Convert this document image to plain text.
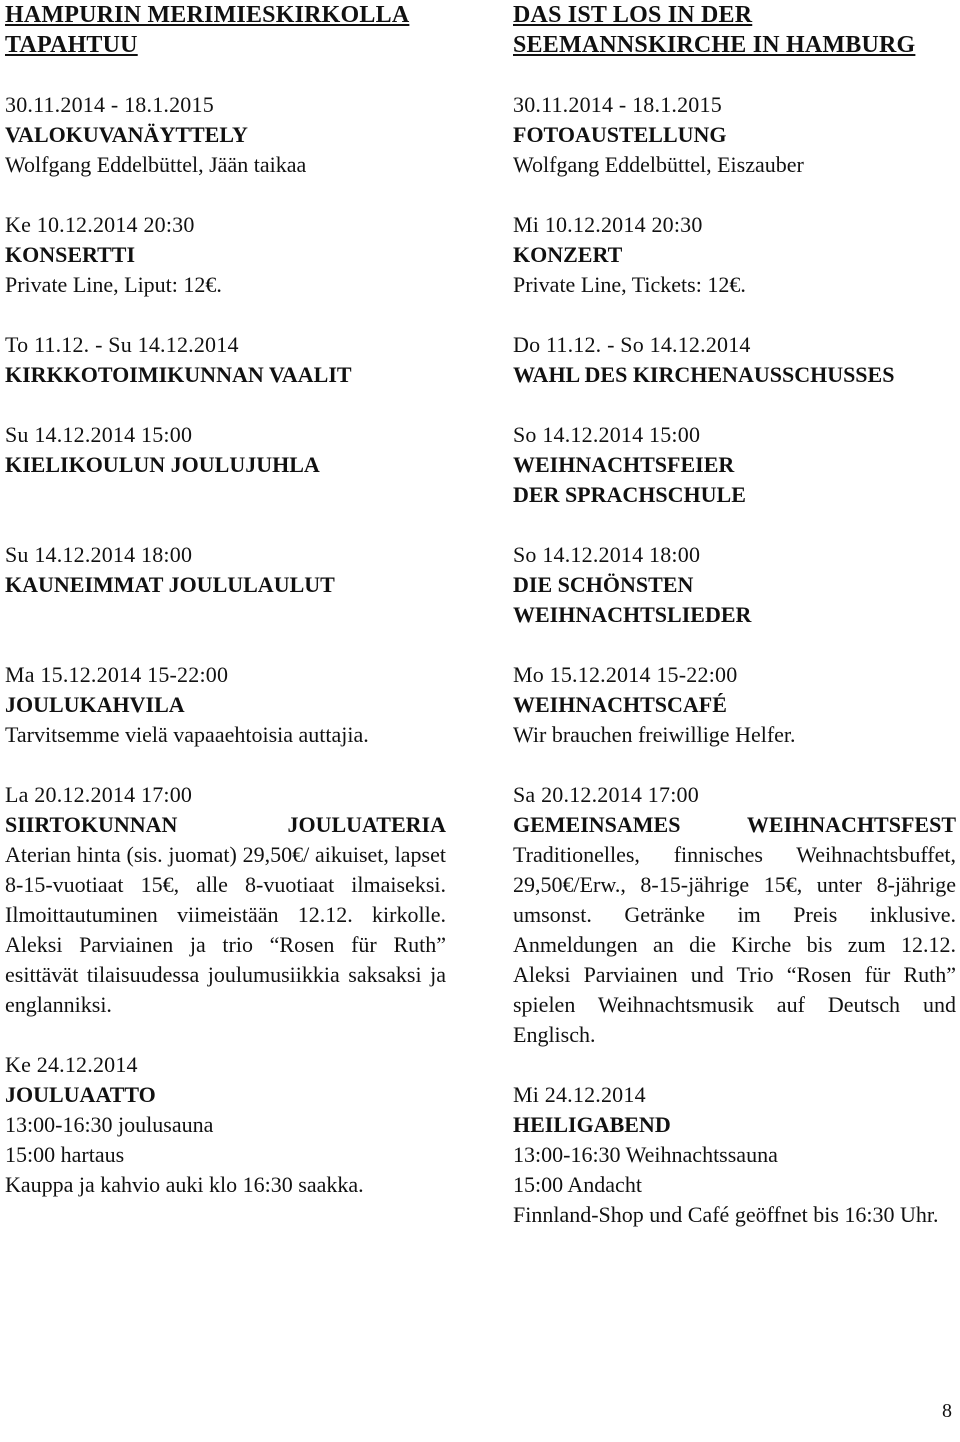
HAMPURIN MERIMIESKIRKOLLA
TAPAHTUU
30.11.2014 - 18.1.2015
VALOKUVANÄYTTELY
Wolfgang Eddelbüttel, Jään taikaa
Ke 10.12.2014 20:30
KONSERTTI
Private Line, Liput: 12€.
To 11.12. - Su 14.12.2014
KIRKKOTOIMIKUNNAN VAALIT
Su 14.12.2014 15:00
KIELIKOULUN JOULUJUHLA

Su 14.12.2014 18:00
KAUNEIMMAT JOULULAULUT

Ma 15.12.2014 15-22:00
JOULUKAHVILA
Tarvitsemme vielä vapaaehtoisia auttajia.
La 20.12.2014 17:00
SIIRTOKUNNAN JOULUATERIA
Aterian hinta (sis. juomat) 29,50€/ aikuiset, lapset 8-15-vuotiaat 15€, alle 8-vuotiaat ilmaiseksi. Ilmoittautuminen viimeistään 12.12. kirkolle. Aleksi Parviainen ja trio “Rosen für Ruth” esittävät tilaisuudessa joulumusiikkia saksaksi ja englanniksi.
Ke 24.12.2014
JOULUAATTO
13:00-16:30 joulusauna
15:00 hartaus
Kauppa ja kahvio auki klo 16:30 saakka.
DAS IST LOS IN DER
SEEMANNSKIRCHE IN HAMBURG
30.11.2014 - 18.1.2015
FOTOAUSTELLUNG
Wolfgang Eddelbüttel, Eiszauber
Mi 10.12.2014 20:30
KONZERT
Private Line, Tickets: 12€.
Do 11.12. - So 14.12.2014
WAHL DES KIRCHENAUSSCHUSSES
So 14.12.2014 15:00
WEIHNACHTSFEIER
DER SPRACHSCHULE
So 14.12.2014 18:00
DIE SCHÖNSTEN
WEIHNACHTSLIEDER
Mo 15.12.2014 15-22:00
WEIHNACHTSCAFÉ
Wir brauchen freiwillige Helfer.
Sa 20.12.2014 17:00
GEMEINSAMES WEIHNACHTSFEST
Traditionelles, finnisches Weihnachtsbuffet, 29,50€/Erw., 8-15-jährige 15€, unter 8-jährige umsonst. Getränke im Preis inklusive. Anmeldungen an die Kirche bis zum 12.12. Aleksi Parviainen und Trio “Rosen für Ruth” spielen Weihnachtsmusik auf Deutsch und Englisch.
Mi 24.12.2014
HEILIGABEND
13:00-16:30 Weihnachtssauna
15:00 Andacht
Finnland-Shop und Café geöffnet bis 16:30 Uhr.
8
